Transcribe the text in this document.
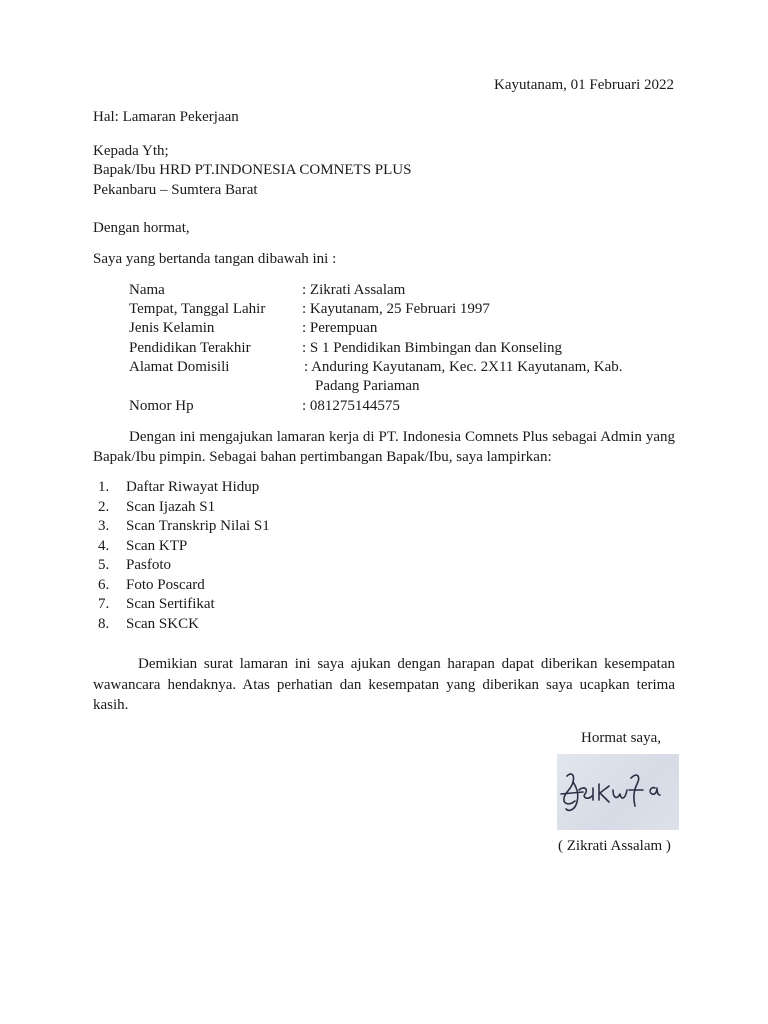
Kayutanam, 01 Februari 2022
Hal: Lamaran Pekerjaan
Kepada Yth;
Bapak/Ibu HRD PT.INDONESIA COMNETS PLUS
Pekanbaru – Sumtera Barat
Dengan hormat,
Saya yang bertanda tangan dibawah ini :
Nama	: Zikrati Assalam
Tempat, Tanggal Lahir : Kayutanam, 25 Februari 1997
Jenis Kelamin	: Perempuan
Pendidikan Terakhir	: S 1 Pendidikan Bimbingan dan Konseling
Alamat Domisili	: Anduring Kayutanam, Kec. 2X11 Kayutanam, Kab.
Padang Pariaman
Nomor Hp	: 081275144575
Dengan ini mengajukan lamaran kerja di PT. Indonesia Comnets Plus sebagai Admin yang Bapak/Ibu pimpin. Sebagai bahan pertimbangan Bapak/Ibu, saya lampirkan:
1. Daftar Riwayat Hidup
2. Scan Ijazah S1
3. Scan Transkrip Nilai S1
4. Scan KTP
5. Pasfoto
6. Foto Poscard
7. Scan Sertifikat
8. Scan SKCK
Demikian surat lamaran ini saya ajukan dengan harapan dapat diberikan kesempatan wawancara hendaknya. Atas perhatian dan kesempatan yang diberikan saya ucapkan terima kasih.
Hormat saya,
( Zikrati Assalam )
